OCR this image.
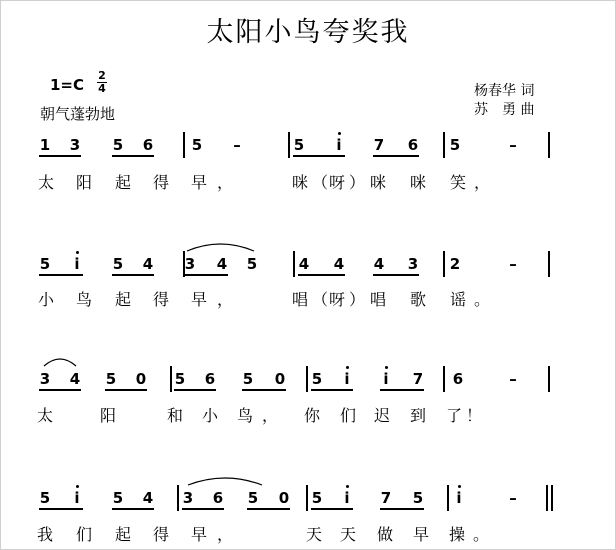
太阳小鸟夸奖我
1=C
2
4
朝气蓬勃地
杨春华 词
苏　勇 曲
1 3 5 6	5 –	5	i	7 6 5	–
太 阳 起 得 早 ，	咪 （ 呀 ） 咪 咪 笑 ，
5	i	5 4 3 4 5	4 4 4 3 2	–
小 鸟 起 得 早 ，	唱 （ 呀 ） 唱 歌 谣 。
3 4 5 0 5 6 5 0 5	i	i	7 6	–
太	阳	和 小 鸟 ， 你 们 迟 到 了 ！
5	i	5 4 3 6 5 0 5	i	7 5	i	–
我 们 起 得 早 ，	天 天 做 早 操 。
